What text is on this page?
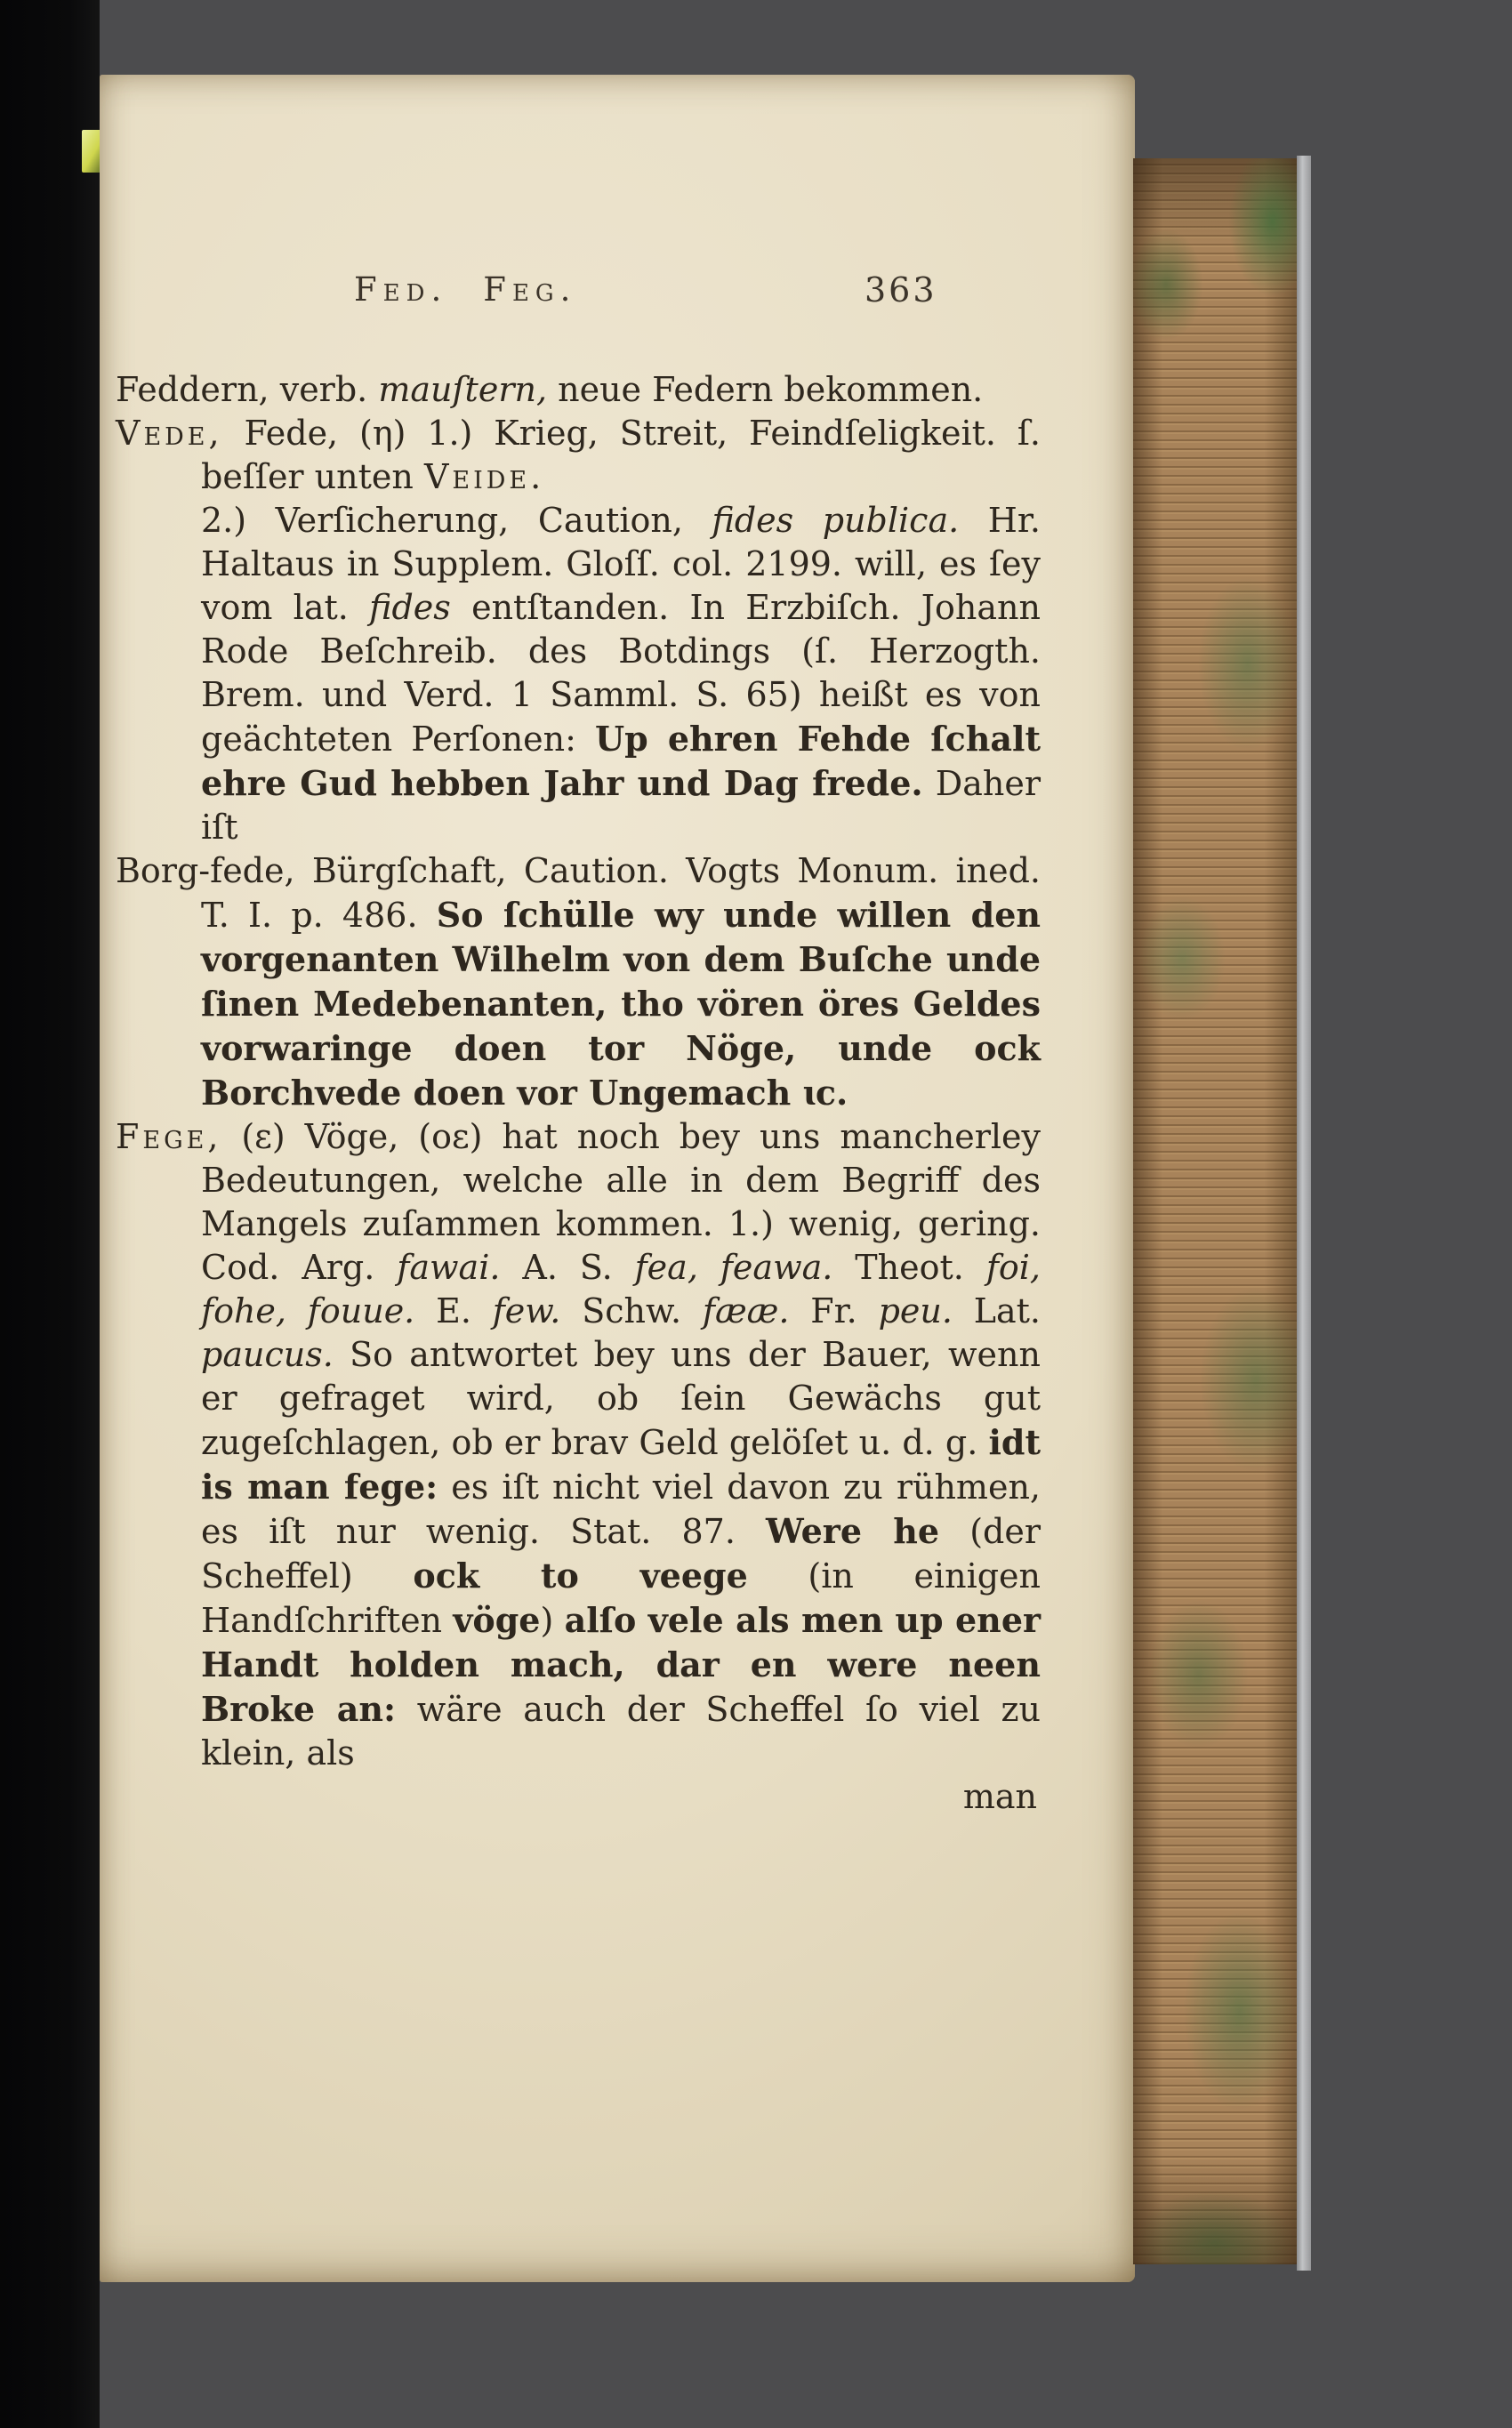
Fed. Feg.	363

Feddern, verb. mauſtern, neue Federn bekommen.

Vede, Fede, (η) 1.) Krieg, Streit, Feindſeligkeit. ſ. beſſer unten Veide.

2.) Verſicherung, Caution, fides publica. Hr. Haltaus in Supplem. Gloſſ. col. 2199. will, es ſey vom lat. fides entſtanden. In Erzbiſch. Johann Rode Beſchreib. des Botdings (ſ. Herzogth. Brem. und Verd. 1 Samml. S. 65) heißt es von geächteten Perſonen: Up ehren Fehde ſchalt ehre Gud hebben Jahr und Dag frede. Daher iſt

Borg-fede, Bürgſchaft, Caution. Vogts Monum. ined. T. I. p. 486. So ſchülle wy unde willen den vorgenanten Wilhelm von dem Buſche unde ſinen Medebenanten, tho vören öres Geldes vorwaringe doen tor Nöge, unde ock Borchvede doen vor Ungemach ɩc.

Fege, (ε) Vöge, (οε) hat noch bey uns mancherley Bedeutungen, welche alle in dem Begriff des Mangels zuſammen kommen. 1.) wenig, gering. Cod. Arg. fawai. A. S. fea, feawa. Theot. foi, fohe, fouue. E. few. Schw. fææ. Fr. peu. Lat. paucus. So antwortet bey uns der Bauer, wenn er gefraget wird, ob ſein Gewächs gut zugeſchlagen, ob er brav Geld gelöſet u. d. g. idt is man fege: es iſt nicht viel davon zu rühmen, es iſt nur wenig. Stat. 87. Were he (der Scheffel) ock to veege (in einigen Handſchriften vöge) alſo vele als men up ener Handt holden mach, dar en were neen Broke an: wäre auch der Scheffel ſo viel zu klein, als

man
